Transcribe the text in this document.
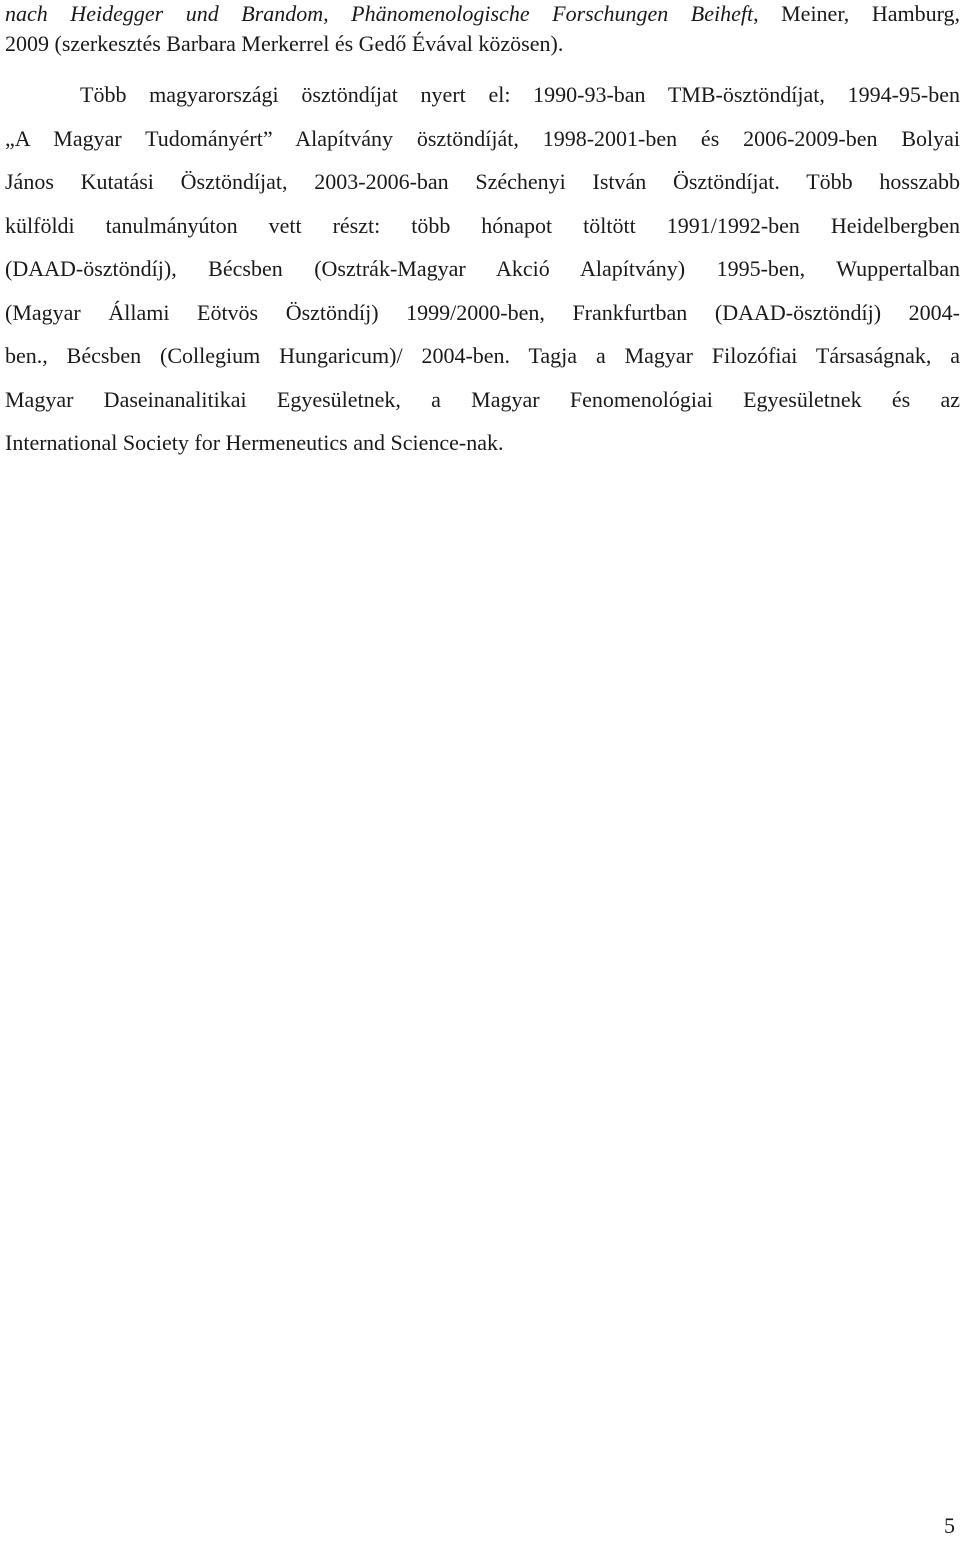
nach Heidegger und Brandom, Phänomenologische Forschungen Beiheft, Meiner, Hamburg,
2009 (szerkesztés Barbara Merkerrel és Gedő Évával közösen).
Több magyarországi ösztöndíjat nyert el: 1990-93-ban TMB-ösztöndíjat, 1994-95-ben
„A Magyar Tudományért” Alapítvány ösztöndíját, 1998-2001-ben és 2006-2009-ben Bolyai
János Kutatási Ösztöndíjat, 2003-2006-ban Széchenyi István Ösztöndíjat. Több hosszabb
külföldi tanulmányúton vett részt: több hónapot töltött 1991/1992-ben Heidelbergben
(DAAD-ösztöndíj), Bécsben (Osztrák-Magyar Akció Alapítvány) 1995-ben, Wuppertalban
(Magyar Állami Eötvös Ösztöndíj) 1999/2000-ben, Frankfurtban (DAAD-ösztöndíj) 2004-
ben., Bécsben (Collegium Hungaricum)/ 2004-ben. Tagja a Magyar Filozófiai Társaságnak, a
Magyar Daseinanalitikai Egyesületnek, a Magyar Fenomenológiai Egyesületnek és az
International Society for Hermeneutics and Science-nak.
5
